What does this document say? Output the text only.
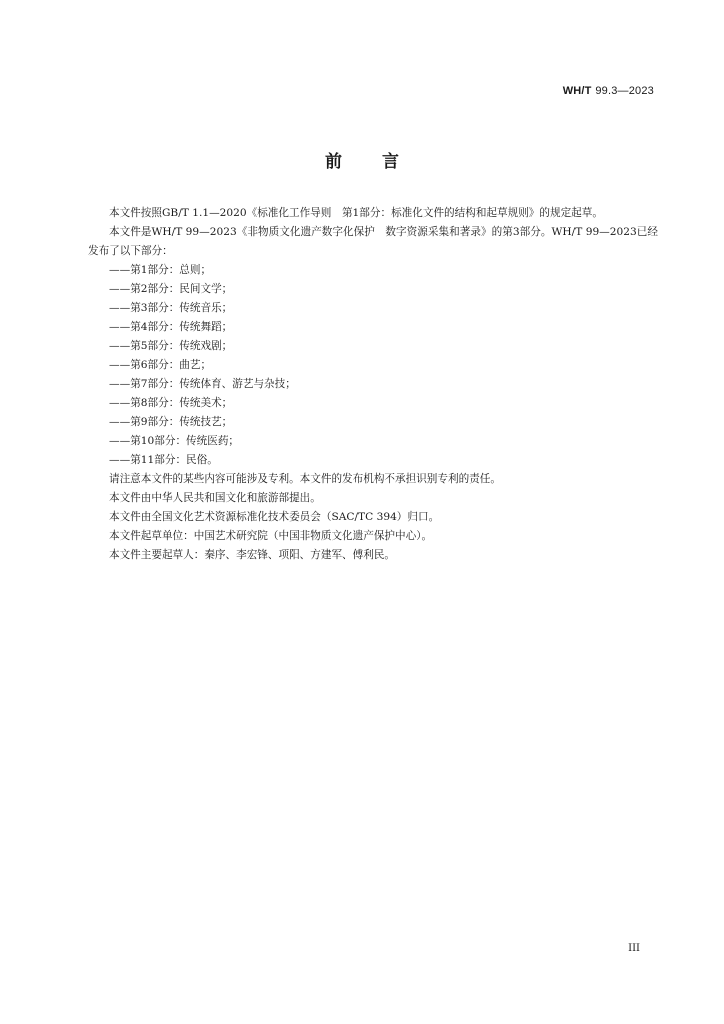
WH/T 99.3—2023
前 言

本文件按照GB/T 1.1—2020《标准化工作导则　第1部分：标准化文件的结构和起草规则》的规定起草。

本文件是WH/T 99—2023《非物质文化遗产数字化保护　数字资源采集和著录》的第3部分。WH/T 99—2023已经发布了以下部分：

——第1部分：总则；

——第2部分：民间文学；

——第3部分：传统音乐；

——第4部分：传统舞蹈；

——第5部分：传统戏剧；

——第6部分：曲艺；

——第7部分：传统体育、游艺与杂技；

——第8部分：传统美术；

——第9部分：传统技艺；

——第10部分：传统医药；

——第11部分：民俗。

请注意本文件的某些内容可能涉及专利。本文件的发布机构不承担识别专利的责任。

本文件由中华人民共和国文化和旅游部提出。

本文件由全国文化艺术资源标准化技术委员会（SAC/TC 394）归口。

本文件起草单位：中国艺术研究院（中国非物质文化遗产保护中心）。

本文件主要起草人：秦序、李宏锋、项阳、方建军、傅利民。

III
